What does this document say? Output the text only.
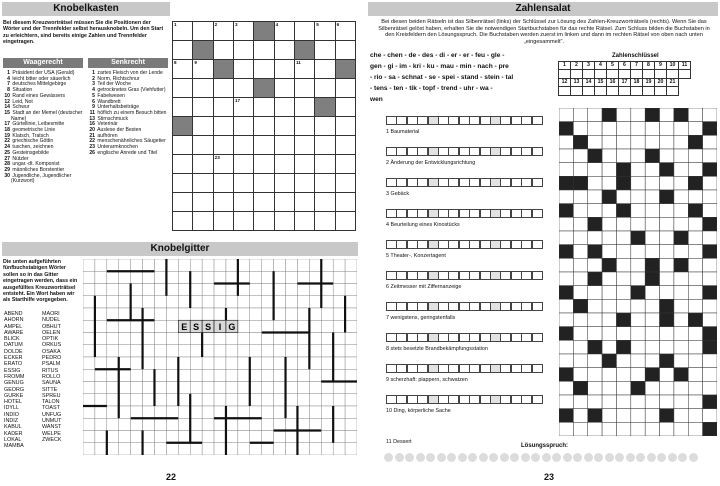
Knobelkasten
Bei diesem Kreuzworträtsel müssen Sie die Positionen der Wörter und der Trennfelder selbst herausknobeln. Um den Start zu erleichtern, sind bereits einige Zahlen und Trennfelder eingetragen.
Waagerecht	Senkrecht
1 Präsident der USA (Gerald)
4 leicht bitter oder säuerlich
7 deutsches Mittelgebirge
8 Situation
10 Rand eines Gewässers
12 Leid, Not
14 Schwur
15 Stadt an der Memel (deutscher Name)
17 Gürtellinie, Leibesmitte
18 geometrische Linie
19 Klatsch, Tratsch
22 griechische Göttin
24 tuschen, zeichnen
25 Gesteinsgebilde
27 Nützler
28 ungar.-dt. Komponist
29 männliches Borstentier
30 Jugendliche, Jugendlicher (Kurzwort)
1 zartes Fleisch von der Lende
2 Norm, Richtschnur
3 Teil der Woche
4 getrocknetes Gras (Viehfutter)
5 Fabelwesen
6 Wandbrett
9 Unterhaltsbeiträge
11 höflich zu einem Besuch bitten
13 Stirnschmuck
16 Veterinär
20 Auslese der Besten
21 aufhören
22 menschenähnliches Säugetier
23 Unterarmknochen
26 englische Anrede und Titel
1		2	3		4		5	6

8	9					11		

			17					

		23						

Knobelgitter
Die unten aufgeführten fünfbuchstabigen Wörter sollen so in das Gitter eingetragen werden, dass ein ausgefülltes Kreuzworträtsel entsteht. Ein Wort haben wir als Starthilfe vorgegeben.
ABEND
AHORN
AMPEL
AWARE
BLICK
DATUM
DOLDE
ECKER
ERATO
ESSIG
FROMM
GENUG
GEORG
GURKE
HOTEL
IDYLL
INDIO
INDIZ
KABUL
KADER
LOKAL
MAMBA
MAORI
NUDEL
OBHUT
OELEN
OPTIK
ORKUS
OSAKA
PEDRO
PSALM
RITUS
ROLLO
SAUNA
SITTE
SPREU
TALON
TOAST
UNFUG
UNMUT
WANST
WELPE
ZWECK
E S S I G
22
Zahlensalat
Bei diesen beiden Rätseln ist das Silbenrätsel (links) der Schlüssel zur Lösung des Zahlen-Kreuzworträtsels (rechts). Wenn Sie das Silbenrätsel gelöst haben, erhalten Sie die notwendigen Startbuchstaben für das rechte Rätsel. Zum Schluss bilden die Buchstaben in den Kreisfeldern den Lösungsspruch. Die Buchstaben werden zuerst im linken und dann im rechten Rätsel von oben nach unten „eingesammelt".
che - chen - de - des - di - er - er - feu - gle -
gen - gi - im - kri - ku - mau - min - nach - pre
- rio - sa - schnat - se - spei - stand - stein - tal
- tens - ten - tik - topf - trend - uhr - wa -
wen
Zahlenschlüssel
1	2	3	4	5	6	7	8	9	10	11

12	13	14	15	16	17	18	19	20	21	

1 Baumaterial
2 Änderung der Entwicklungsrichtung
3 Gebäck
4 Beurteilung eines Kinostücks
5 Theater-, Konzertagent
6 Zeitmesser mit Ziffernanzeige
7 wenigstens, geringstenfalls
8 stets besetzte Brandbekämpfungsstation
9 scherzhaft: plappern, schwatzen
10 Ding, körperliche Sache
11 Dessert
Lösungsspruch:
23
